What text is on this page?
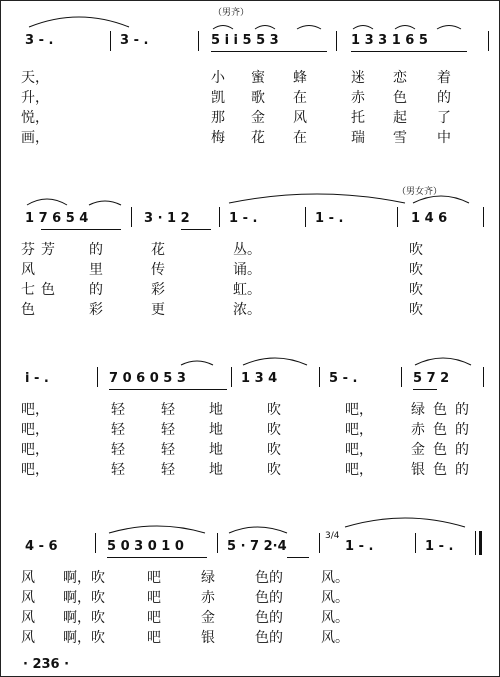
（男齐）
（男女齐）
3 - .	3 - .	5 i i 5 5 3	1 3 3 1 6 5
天，
升，
悦，
画，
小 蜜 蜂	迷 恋 着
凯 歌 在	赤 色 的
那 金 风	托 起 了
梅 花 在	瑞 雪 中
1 7 6 5 4	3 · 1 2	1 - .	1 - .	1 4 6
芬 芳 的	花	丛。	吹
风	里	传	诵。	吹
七 色 的	彩	虹。	吹
色	彩	更	浓。	吹
i - .	7 0 6 0 5 3	1 3 4	5 - .	5 7 2
吧，	轻	轻 地	吹	吧，	绿 色 的
吧，	轻	轻 地	吹	吧，	赤 色 的
吧，	轻	轻 地	吹	吧，	金 色 的
吧，	轻	轻 地	吹	吧，	银 色 的
4 - 6	5 0 3 0 1 0	5 · 7 2·4
3/4
1 - .	1 - .
风 啊，吹	吧	绿	色的	风。
风 啊，吹	吧	赤	色的	风。
风 啊，吹	吧	金	色的	风。
风 啊，吹	吧	银	色的	风。
· 236 ·
